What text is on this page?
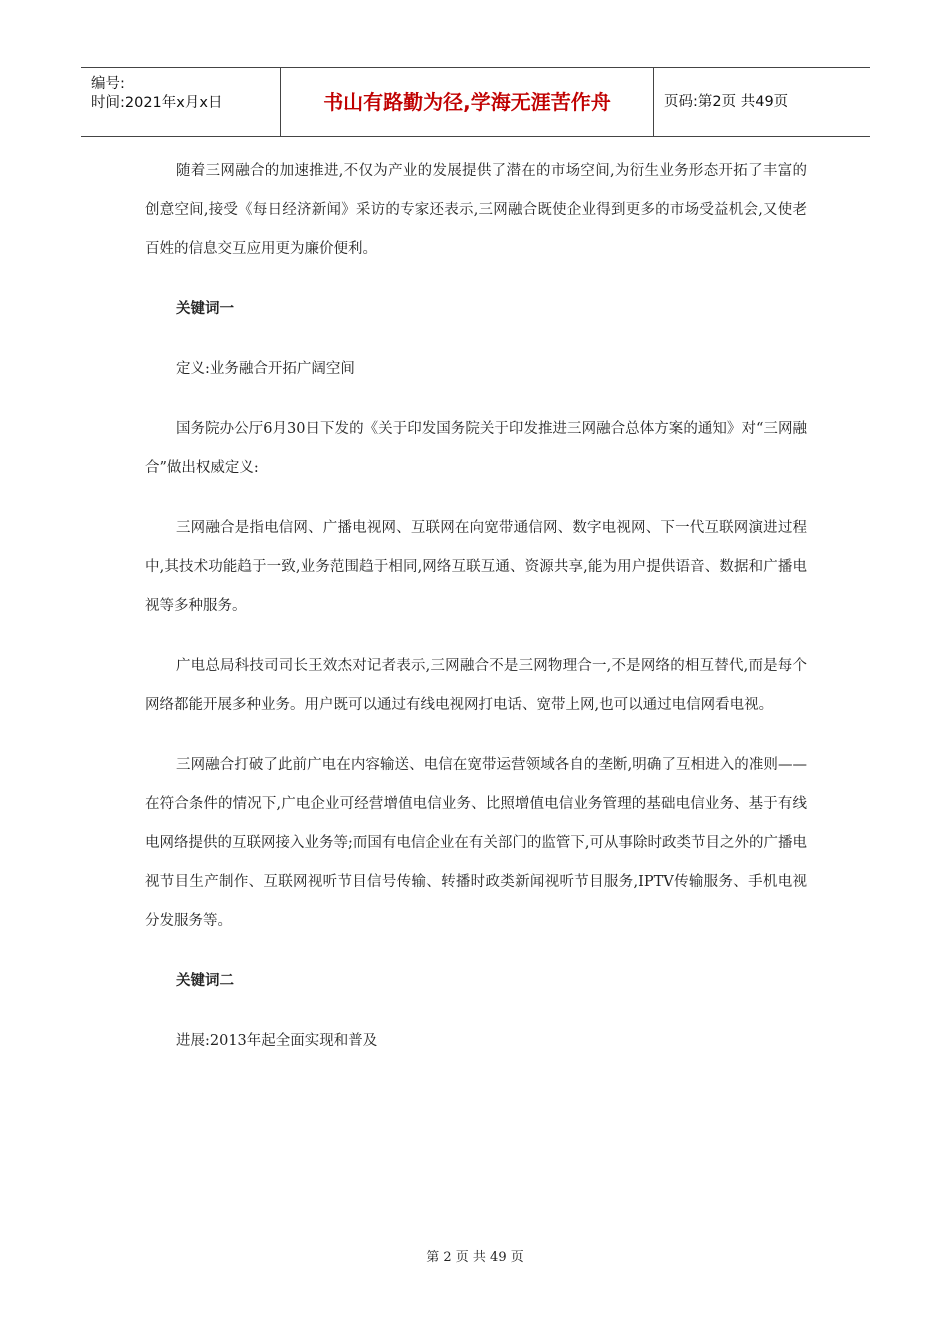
编号:
时间:2021年x月x日	书山有路勤为径,学海无涯苦作舟	页码:第2页 共49页

随着三网融合的加速推进,不仅为产业的发展提供了潜在的市场空间,为衍生业务形态开拓了丰富的创意空间,接受《每日经济新闻》采访的专家还表示,三网融合既使企业得到更多的市场受益机会,又使老百姓的信息交互应用更为廉价便利。

关键词一

定义:业务融合开拓广阔空间

国务院办公厅6月30日下发的《关于印发国务院关于印发推进三网融合总体方案的通知》对“三网融合”做出权威定义:

三网融合是指电信网、广播电视网、互联网在向宽带通信网、数字电视网、下一代互联网演进过程中,其技术功能趋于一致,业务范围趋于相同,网络互联互通、资源共享,能为用户提供语音、数据和广播电视等多种服务。

广电总局科技司司长王效杰对记者表示,三网融合不是三网物理合一,不是网络的相互替代,而是每个网络都能开展多种业务。用户既可以通过有线电视网打电话、宽带上网,也可以通过电信网看电视。

三网融合打破了此前广电在内容输送、电信在宽带运营领域各自的垄断,明确了互相进入的准则——在符合条件的情况下,广电企业可经营增值电信业务、比照增值电信业务管理的基础电信业务、基于有线电网络提供的互联网接入业务等;而国有电信企业在有关部门的监管下,可从事除时政类节目之外的广播电视节目生产制作、互联网视听节目信号传输、转播时政类新闻视听节目服务,IPTV传输服务、手机电视分发服务等。

关键词二

进展:2013年起全面实现和普及

第 2 页 共 49 页
